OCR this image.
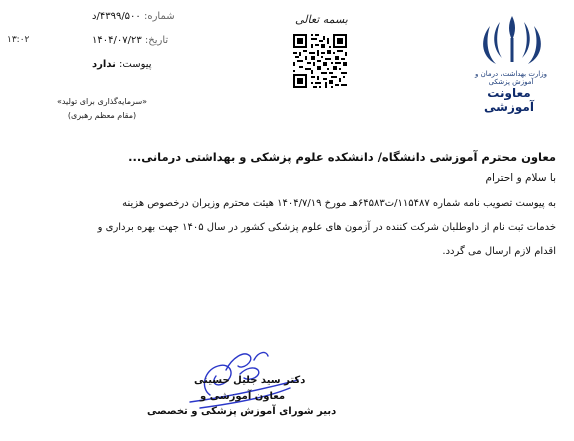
وزارت بهداشت، درمان و آموزش پزشکی
معاونت آموزشی
بسمه تعالی
شماره: ۴۳۹۹/۵۰۰/د
تاریخ: ۱۴۰۴/۰۷/۲۳
پیوست: ندارد
۱۳:۰۲
«سرمایه‌گذاری برای تولید»
(مقام معظم رهبری)
معاون محترم آموزشی دانشگاه/ دانشکده علوم پزشکی و بهداشتی درمانی...
با سلام و احترام
به پیوست تصویب نامه شماره ۱۱۵۴۸۷/ت۶۴۵۸۳هـ مورخ ۱۴۰۴/۷/۱۹ هیئت محترم وزیران درخصوص هزینه
خدمات ثبت نام از داوطلبان شرکت کننده در آزمون های علوم پزشکی کشور در سال ۱۴۰۵ جهت بهره برداری و
اقدام لازم ارسال می گردد.
دکتر سید جلیل حسینی
معاون آموزشی و
دبیر شورای آموزش پزشکی و تخصصی
